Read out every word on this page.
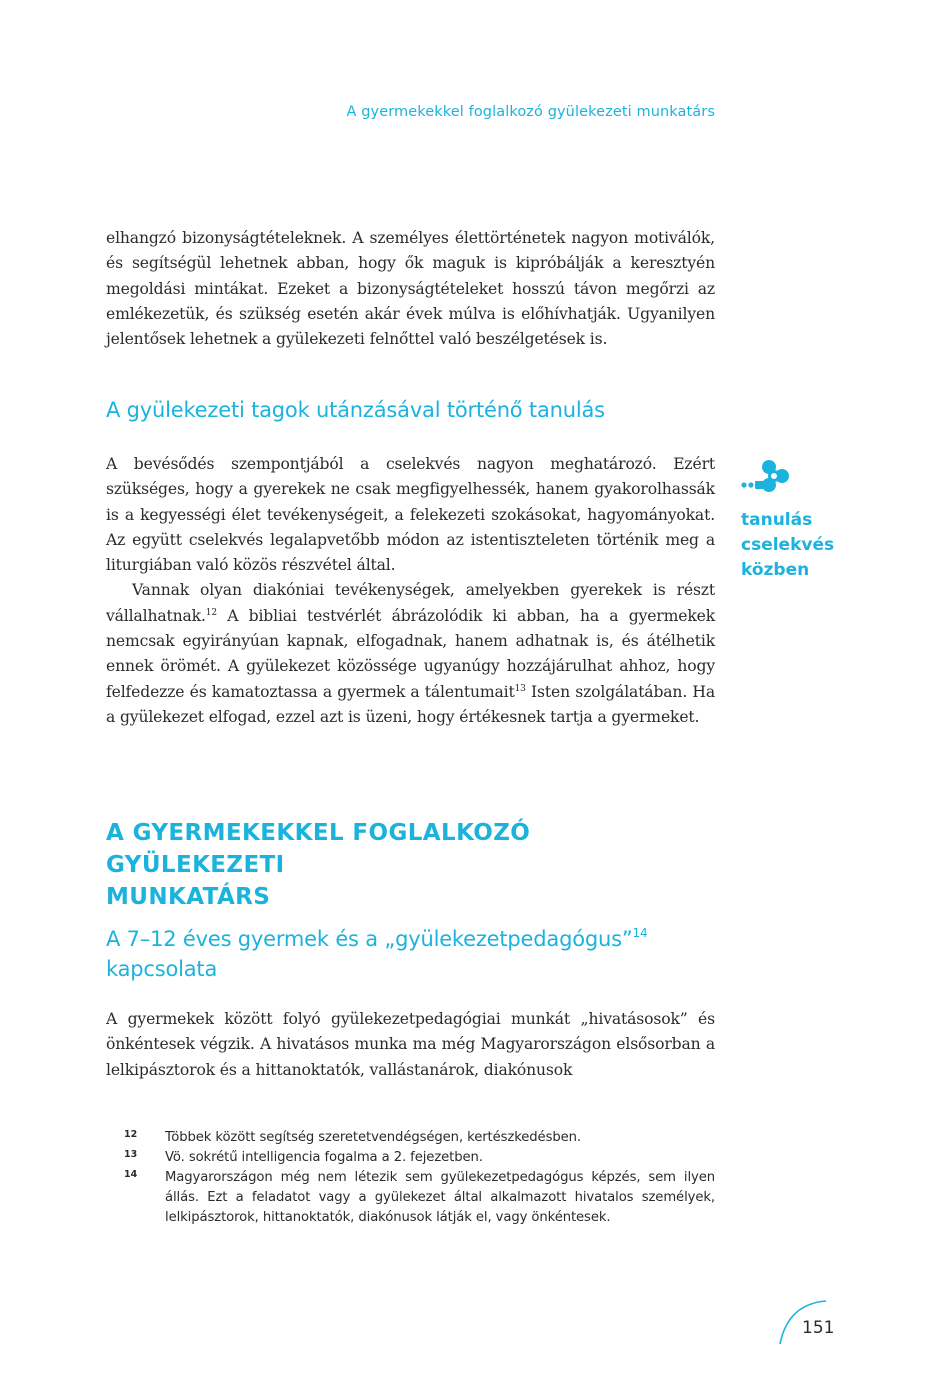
A gyermekekkel foglalkozó gyülekezeti munkatárs

elhangzó bizonyságtételeknek. A személyes élettörténetek nagyon motiválók, és segítségül lehetnek abban, hogy ők maguk is kipróbálják a keresztyén megoldási mintákat. Ezeket a bizonyságtételeket hosszú távon megőrzi az emlékezetük, és szükség esetén akár évek múlva is előhívhatják. Ugyanilyen jelentősek lehetnek a gyülekezeti felnőttel való beszélgetések is.

A gyülekezeti tagok utánzásával történő tanulás

A bevésődés szempontjából a cselekvés nagyon meghatározó. Ezért szükséges, hogy a gyerekek ne csak megfigyelhessék, hanem gyakorolhassák is a kegyességi élet tevékenységeit, a felekezeti szokásokat, hagyományokat. Az együtt cselekvés legalapvetőbb módon az istentiszteleten történik meg a liturgiában való közös részvétel által.

Vannak olyan diakóniai tevékenységek, amelyekben gyerekek is részt vállalhatnak.$^{12}$ A bibliai testvérlét ábrázolódik ki abban, ha a gyermekek nemcsak egyirányúan kapnak, elfogadnak, hanem adhatnak is, és átélhetik ennek örömét. A gyülekezet közössége ugyanúgy hozzájárulhat ahhoz, hogy felfedezze és kamatoztassa a gyermek a tálentumait$^{13}$ Isten szolgálatában. Ha a gyülekezet elfogad, ezzel azt is üzeni, hogy értékesnek tartja a gyermeket.

tanulás
cselekvés
közben
A GYERMEKEKKEL FOGLALKOZÓ GYÜLEKEZETI
MUNKATÁRS
A 7–12 éves gyermek és a „gyülekezetpedagógus”$^{14}$
kapcsolata

A gyermekek között folyó gyülekezetpedagógiai munkát „hivatásosok” és önkéntesek végzik. A hivatásos munka ma még Magyarországon elsősorban a lelkipásztorok és a hittanoktatók, vallástanárok, diakónusok

12	Többek között segítség szeretetvendégségen, kertészkedésben.
13	Vö. sokrétű intelligencia fogalma a 2. fejezetben.
14	Magyarországon még nem létezik sem gyülekezetpedagógus képzés, sem ilyen állás. Ezt a feladatot vagy a gyülekezet által alkalmazott hivatalos személyek, lelkipásztorok, hittanoktatók, diakónusok látják el, vagy önkéntesek.
151
